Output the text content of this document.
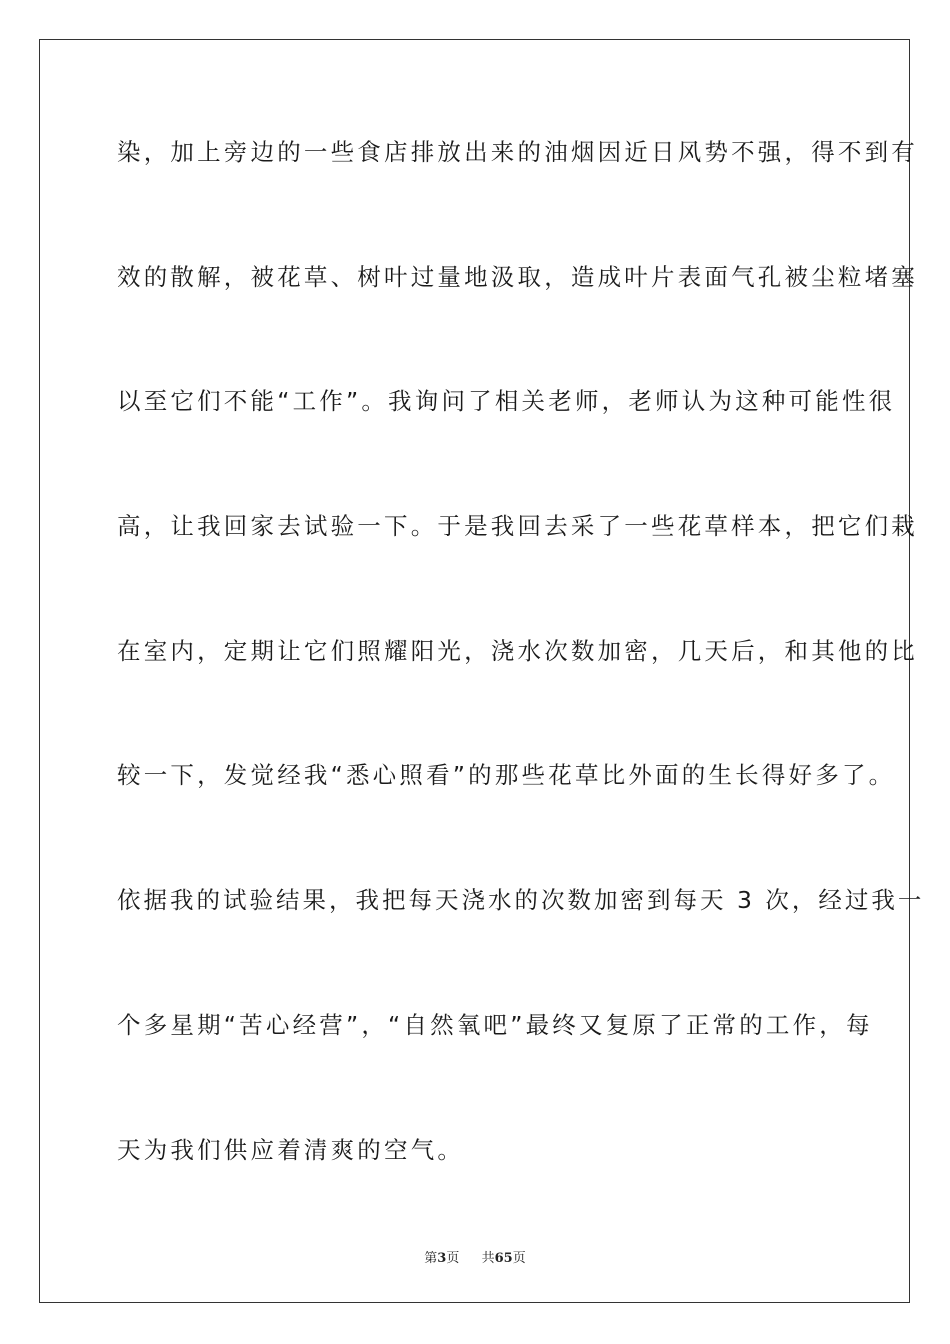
染，加上旁边的一些食店排放出来的油烟因近日风势不强，得不到有
效的散解，被花草、树叶过量地汲取，造成叶片表面气孔被尘粒堵塞
以至它们不能“工作”。我询问了相关老师，老师认为这种可能性很
高，让我回家去试验一下。于是我回去采了一些花草样本，把它们栽
在室内，定期让它们照耀阳光，浇水次数加密，几天后，和其他的比
较一下，发觉经我“悉心照看”的那些花草比外面的生长得好多了。
依据我的试验结果，我把每天浇水的次数加密到每天 3 次，经过我一
个多星期“苦心经营”，“自然氧吧”最终又复原了正常的工作，每
天为我们供应着清爽的空气。
第3页 共65页
